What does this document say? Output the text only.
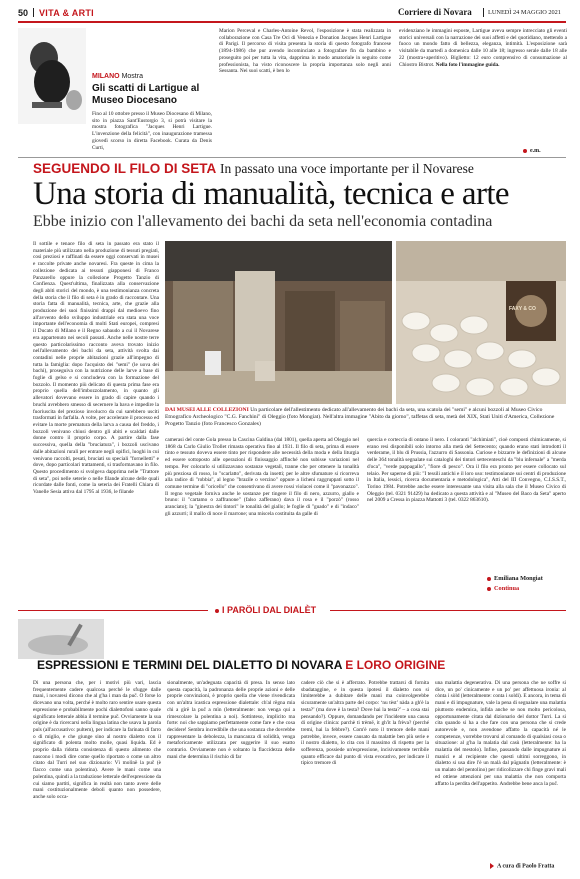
50 VITA & ARTI	Corriere di Novara	LUNEDÌ 24 MAGGIO 2021
MILANO Mostra
Gli scatti di Lartigue al Museo Diocesano
Fino al 10 ottobre presso il Museo Diocesano di Milano, sito in piazza Sant'Eustorgio 3, si potrà visitare la mostra fotografica "Jacques Henri Lartigue. L'invenzione della felicità", con inaugurazione tramessa giovedì scorso in diretta Facebook. Curata da Denis Curti,
Marion Perceval e Charles-Antoine Revol, l'esposizione è stata realizzata in collaborazione con Casa Tre Oci di Venezia e Donation Jacques Henri Lartigue di Parigi. Il percorso di visita presenta la storia di questo fotografo francese (1894-1986) che pur avendo incominciato a fotografare fin da bambino e proseguito poi per tutta la vita, dapprima in modo amatoriale in seguito come professionista, ha visto riconoscere la propria importanza solo negli anni Sessanta. Nei suoi scatti, è ben lo
evidenziano le immagini esposte, Lartigue aveva sempre intrecciato gli eventi storici universali con la narrazione dei suoi affetti e del quotidiano, mettendo a fuoco un mondo fatto di bellezza, eleganza, intimità. L'esposizione sarà visitabile da martedì a domenica dalle 10 alle 18; ingresso serale dalle 18 alle 22 (mostra+aperitivo). Biglietto: 12 euro comprensivo di consumazione al Chiostro Bistrot. Nella foto l'immagine guida.
e.m.
SEGUENDO IL FILO DI SETA In passato una voce importante per il Novarese
Una storia di manualità, tecnica e arte
Ebbe inizio con l'allevamento dei bachi da seta nell'economia contadina
Il sottile e tenace filo di seta in passato era stato il materiale più utilizzato nella produzione di tessuti pregiati, così preziosi e raffinati da essere oggi conservati in musei e raccolte private anche novaresi. Fra queste in cima la collezione dedicata ai tessuti giapponesi di Franco Panzarello oppure la collezione Progetto Tanzio di Confienza. Quest'ultima, finalizzata alla conservazione degli abiti storici del mondo, è una testimonianza concreta della storia che il filo di seta è in grado di raccontare. Una storia fatta di manualità, tecnica, arte, che grazie alla produzione dei suoi finissimi drappi dal medioevo fino all'avvento dello sviluppo industriale era stata una voce importante dell'economia di molti Stati europei, compresi il Ducato di Milano e il Regno sabaudo a cui il Novarese era appartenuto nei secoli passati. Anche nelle nostre terre questo particolarissimo racconto aveva trovato inizio nell'allevamento dei bachi da seta, attività svolta dai contadini nelle proprie abitazioni grazie all'impegno di tutta la famiglia: dopo l'acquisto dei "semi" (le uova dei bachi), proseguiva con la nutrizione delle larve a base di foglie di gelso e si concludeva con la formazione del bozzolo. Il momento più delicato di questa prima fase era proprio quella dell'imbozzolamento, in quanto gli allevatori dovevano essere in grado di capire quando i bruchi avrebbero smesso di secernere la bava e impedire la fuoriuscita del prezioso involucro da cui sarebbero usciti trasformati in farfalla. A volte, per accelerare il processo ed evitare la morte prematura della larva a causa del freddo, i bozzoli venivano chiusi dentro gli abiti e scaldati dalle donne contro il proprio corpo. A partire dalla fase successiva, quella della "bruciatura", i bozzoli uscivano dalle abitazioni rurali per entrare negli opifici, luoghi in cui venivano raccolti, pesati, bruciati su speciali "fornelletti" e dove, dopo particolari trattamenti, si trasformavano in filo. Questo procedimento si svolgeva dapprima nelle "Trattore di seta", poi nelle seterie o nelle filande alcune delle quali ricordate dalle fonti, come la seteria dei Fratelli Chiara di Vanelle Sesia attiva dal 1795 al 1936, le filande
FAXY & CO
DAI MUSEI ALLE COLLEZIONI Un particolare dell'allestimento dedicato all'allevamento dei bachi da seta, una scatola dei "semi" e alcuni bozzoli al Museo Civico Etnografico Archeologico "C.G. Fanchini" di Oleggio (foto Mongiat). Nell'altra immagine "Abito da giorno", taffetas di seta, metà del XIX, Stati Uniti d'America, Collezione Progetto Tanzio (foto Francesco Gonzales)
camerasi del conte Gola presso la Cascina Galdina (dal 1801), quella aperta ad Oleggio nel 1868 da Carlo Giulio Trollet rimasta operativa fino al 1931. Il filo di seta, prima di essere tinto e tessuto doveva essere tinto per rispondere alle necessità della moda e della liturgia ed essere sottoposto alle operazioni di finissaggio affinché non subisse variazioni nel tempo. Per colorarlo si utilizzavano sostanze vegetali, tranne che per ottenere la tonalità più preziosa di rosso, lo "scarlatto", derivata da insetti; per le altre sfumature si ricorreva alla radice di "robbia", al legno "brazile o verzino" oppure a licheni raggruppati sotto il comune termine di "oricello" che consentivano di avere rossi violacei come il "pavonazzo". Il regno vegetale forniva anche le sostanze per tingere il filo di nero, azzurro, giallo e bruno: il "cartamo o zaffranone" (falso zafferano) dava il rosa e il "porzò" (rosso aranciato); la "ginestra dei tintori" le tonalità del giallo; le foglie di "guado" e di "indaco" gli azzurri; il mallo di noce il marrone; una miscela costituita da galle di
quercia e corteccia di ontano il nero. I coloranti "alchimiati", cioè composti chimicamente, si erano resi disponibili solo intorno alla metà del Settecento; quando erano stati introdotti il verderame, il blu di Prussia, l'azzurro di Sassonia. Curiose e bizzarre le definizioni di alcune delle 364 tonalità segnalate sui cataloghi dei tintori settecenteschi da "blu infernale" a "merda d'oca", "verde pappagallo", "fiore di pesco". Ora il filo era pronto per essere collocato sul telaio. Per saperne di più: "I tessili antichi e il loro uso: testimonianze sui centri di produzione in Italia, lessici, ricerca documentaria e metodologica", Atti del III Convegno, C.I.S.S.T., Torino 1984. Potrebbe anche essere interessante una visita alla sala che il Museo Civico di Oleggio (tel. 0321 91429) ha dedicato a questa attività e al "Museo del Baco da Seta" aperto nel 2009 a Cressa in piazza Mattotti 3 (tel. 0322 863610).
Emiliana Mongiat
Continua
I PARÖLI DAL DIALÈT
ESPRESSIONI E TERMINI DEL DIALETTO DI NOVARA E LORO ORIGINE
Di una persona che, per i motivi più vari, lascia frequentemente cadere qualcosa perché le sfugge dalle mani, i novaresi dicono che al g'ha i man da puč. O forse lo dicevano una volta, perché è molto raro sentire usare questa espressione e probabilmente pochi dialettofoni sanno quale significato letterale abbia il termine puč. Ovviamente la sua origine è da ricercarsi nella lingua latina che usava la parola puls (all'accusativo: pultem), per indicare la farinata di farro o di miglio, e che giunge sino al nostro dialetto con il significato di polenta molto molle, quasi liquida. Ed è proprio dalla ridotta consistenza di questo alimento che nascono i modi dire come quello riportato o come un altro citato dal Turri nel suo dizionario: Vì molìnë la puč (è fiacco come una polentina). Avere le mani come una polentina, quindi a la traduzione letterale dell'espressione da cui siamo partiti, significa in realtà non tanto avere delle mani costituzionalmente deboli quanto non possedere, anche solo occa-
sionalmente, un'adeguata capacità di presa. In senso lato questa capacità, la padronanza delle proprie azioni e delle proprie convinzioni, è proprio quella che viene rivendicata con un'altra icastica espressione dialettale: ch'al rëgna mia chi a gìrë la puč a mìn (letteralmente: non venga qui a rimescolare la polentina a noi). Sottinteso, implicito ma forte: noi che sappiamo perfettamente come fare e che cosa decidere! Sembra incredibile che una sostanza che dovrebbe rappresentare la debolezza, la mancanza di solidità, venga metaforicamente utilizzata per suggerire il suo esatto contrario. Ovviamente non è soltanto la flaccidezza delle mani che determina il rischio di far
cadere ciò che si è afferrato. Potrebbe trattarsi di fornita sbadataggine, e in questa ipotesi il dialetto non si limiterebbe a dubitare delle mani ma coinvolgerebbe sicuramente un'altra parte del corpo: ‘nu tèst’ nàda a gh'è la testa?’ (ma dove è la testa? Dove hai la testa?' – a cosa stai pensando?). Oppure, domandando per l'incidente una causa di origine clinica: parchè ti trèmë, it gh'it la frèva? (perché tremi, hai la febbre?). Com'è noto il tremore delle mani potrebbe, invece, essere causato da malattie ben più serie e il nostro dialetto, lo cita con il massimo di rispetto per la sofferenza, possiede un'espressione, incisivamente terribile quanto efficace dal punto di vista evocativo, per indicare il tipico tremore di
una malattia degenerativa. Di una persona che ne soffre si dice, un po' cinicamente e un po' per affettuosa ironia: al cònta i sòld (letteralmente: conta i soldi). E ancora, in tema di mani e di impugnature, vale la pena di segnalare una malattia piuttosto endemica, infida anche se non molto pericolosa, opportunamente citata dal dizionario del dottor Turri. La si cita quando si ha a che fare con una persona che si crede autorevole e, non avendone affatto la capacità né le competenze, vorrebbe trovarsi al comando di qualsiasi cosa o situazione: al g'ha la malatia dal casù (letteralmente: ha la malattia del mestolo). Infine, passando dalle impugnature ai manici e al recipiente che questi ultimi sorreggono, in dialetto si usa dire l'è un malà dal pügnatìn (letteralmente: è un malato del pentolino) per ridicolizzare chi finge gravi mali ed ottiene attenzioni per una malattia che non comporta affatto la perdita dell'appetito. Andrebbe bene anca la puč.
A cura di Paolo Fratta
